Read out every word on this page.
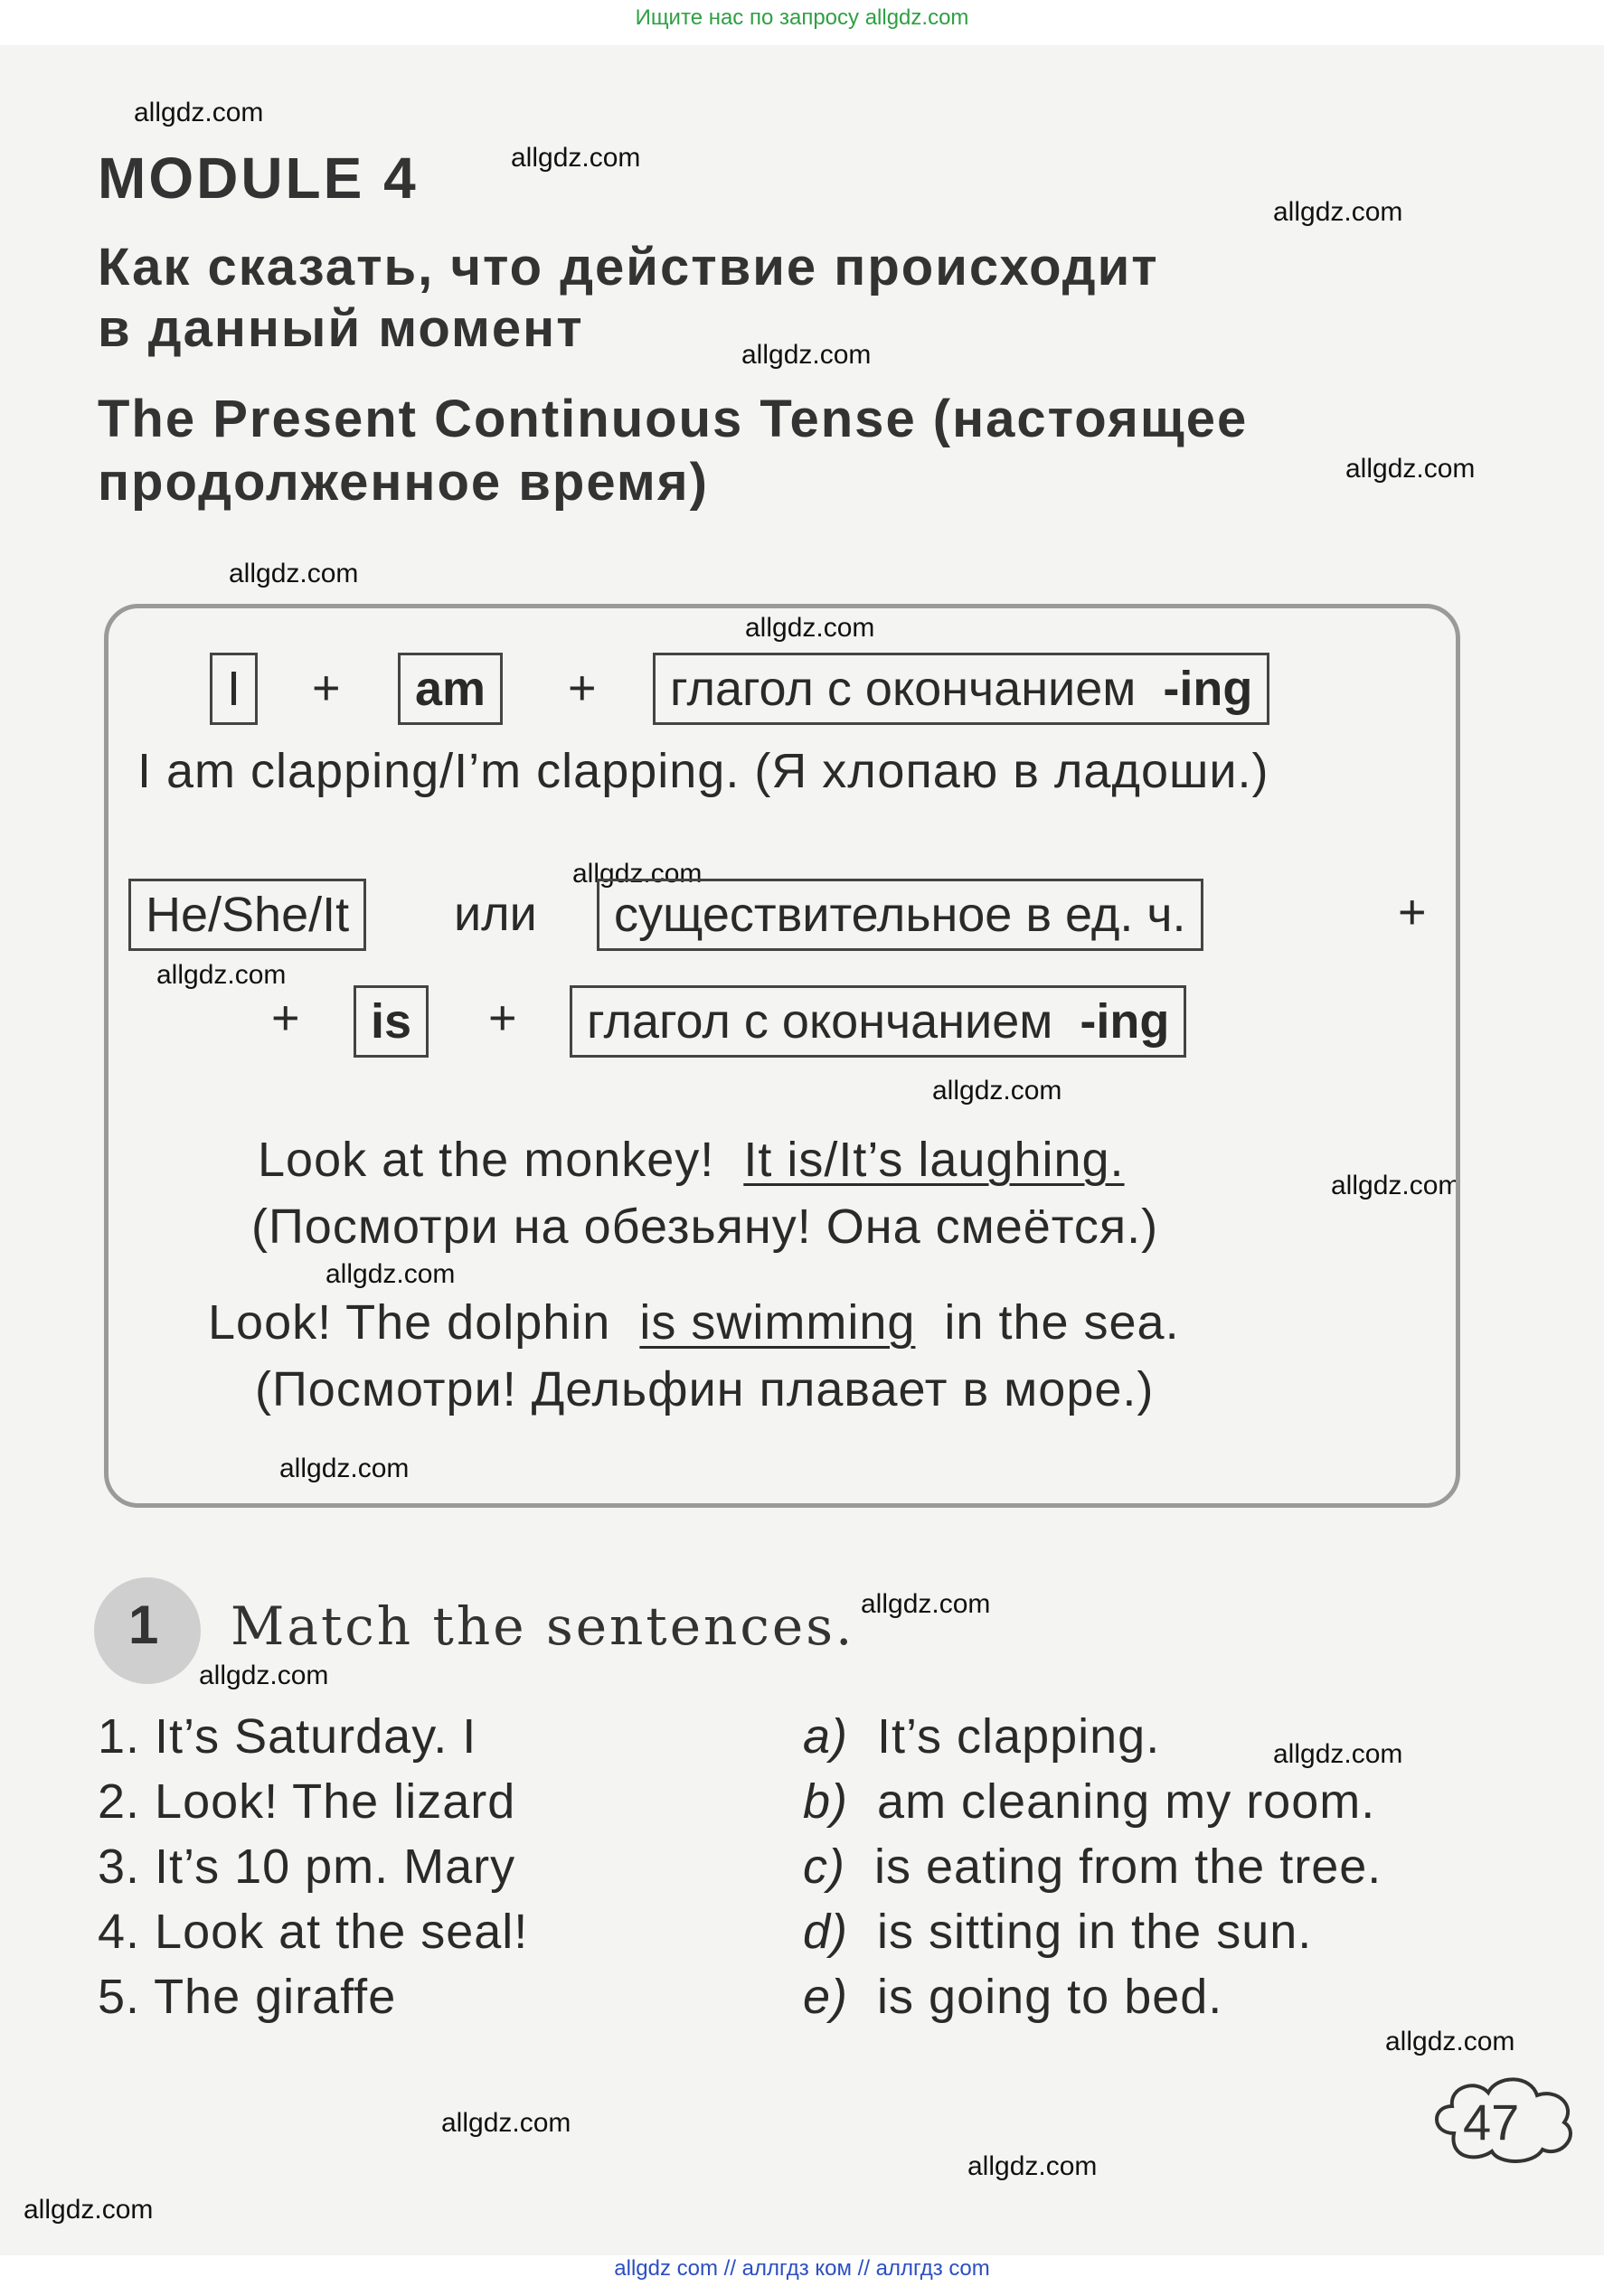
Ищите нас по запросу allgdz.com
allgdz.com
allgdz.com
allgdz.com
allgdz.com
allgdz.com
allgdz.com
allgdz.com
allgdz.com
allgdz.com
allgdz.com
allgdz.com
allgdz.com
allgdz.com
allgdz.com
allgdz.com
allgdz.com
allgdz.com
allgdz.com
allgdz.com
allgdz.com
MODULE 4
Как сказать, что действие происходит
в данный момент
The Present Continuous Tense (настоящее
продолженное время)
I	+	am	+	глагол с окончанием -ing
I am clapping/I’m clapping. (Я хлопаю в ладоши.)
He/She/It	или	существительное в ед. ч.	+
+	is	+	глагол с окончанием -ing
Look at the monkey! It is/It’s laughing.
(Посмотри на обезьяну! Она смеётся.)
Look! The dolphin is swimming in the sea.
(Посмотри! Дельфин плавает в море.)
1 Match the sentences.
1. It’s Saturday. I
2. Look! The lizard
3. It’s 10 pm. Mary
4. Look at the seal!
5. The giraffe
a) It’s clapping.
b) am cleaning my room.
c) is eating from the tree.
d) is sitting in the sun.
e) is going to bed.
47
allgdz com // аллгдз ком // аллгдз com
